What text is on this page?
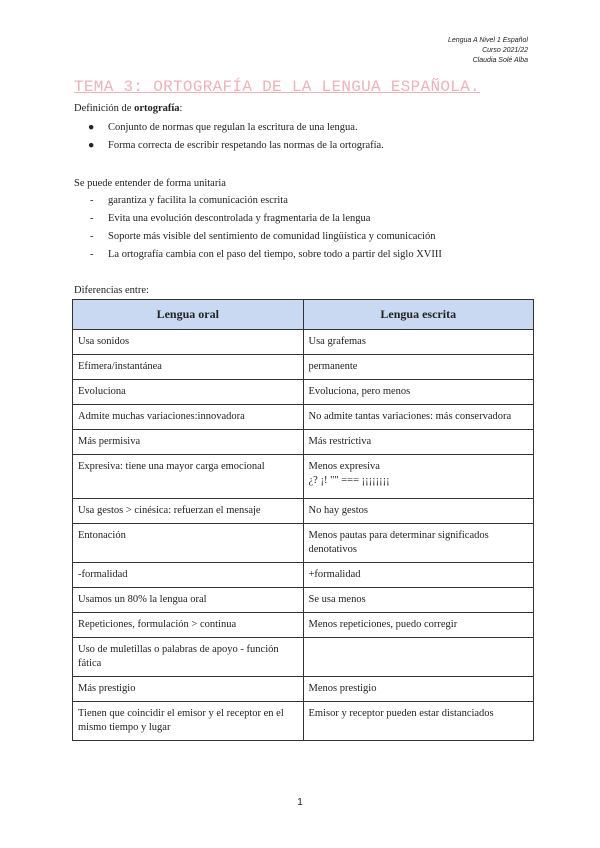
Lengua A Nivel 1 Español
Curso 2021/22
Claudia Solé Alba
TEMA 3: ORTOGRAFÍA DE LA LENGUA ESPAÑOLA.
Definición de ortografía:
● Conjunto de normas que regulan la escritura de una lengua.
● Forma correcta de escribir respetando las normas de la ortografía.
Se puede entender de forma unitaria
- garantiza y facilita la comunicación escrita
- Evita una evolución descontrolada y fragmentaria de la lengua
- Soporte más visible del sentimiento de comunidad lingüística y comunicación
- La ortografía cambia con el paso del tiempo, sobre todo a partir del siglo XVIII
Diferencias entre:
Lengua oral	Lengua escrita
Usa sonidos	Usa grafemas
Efímera/instantánea	permanente
Evoluciona	Evoluciona, pero menos
Admite muchas variaciones:innovadora	No admite tantas variaciones: más conservadora
Más permisiva	Más restrictiva
Expresiva: tiene una mayor carga emocional	Menos expresiva
¿? ¡! "" === ¡¡¡¡¡¡¡¡
Usa gestos > cinésica: refuerzan el mensaje	No hay gestos
Entonación	Menos pautas para determinar significados denotativos
-formalidad	+formalidad
Usamos un 80% la lengua oral	Se usa menos
Repeticiones, formulación > continua	Menos repeticiones, puedo corregir
Uso de muletillas o palabras de apoyo - función fática	
Más prestigio	Menos prestigio
Tienen que coincidir el emisor y el receptor en el mismo tiempo y lugar	Emisor y receptor pueden estar distanciados
1
